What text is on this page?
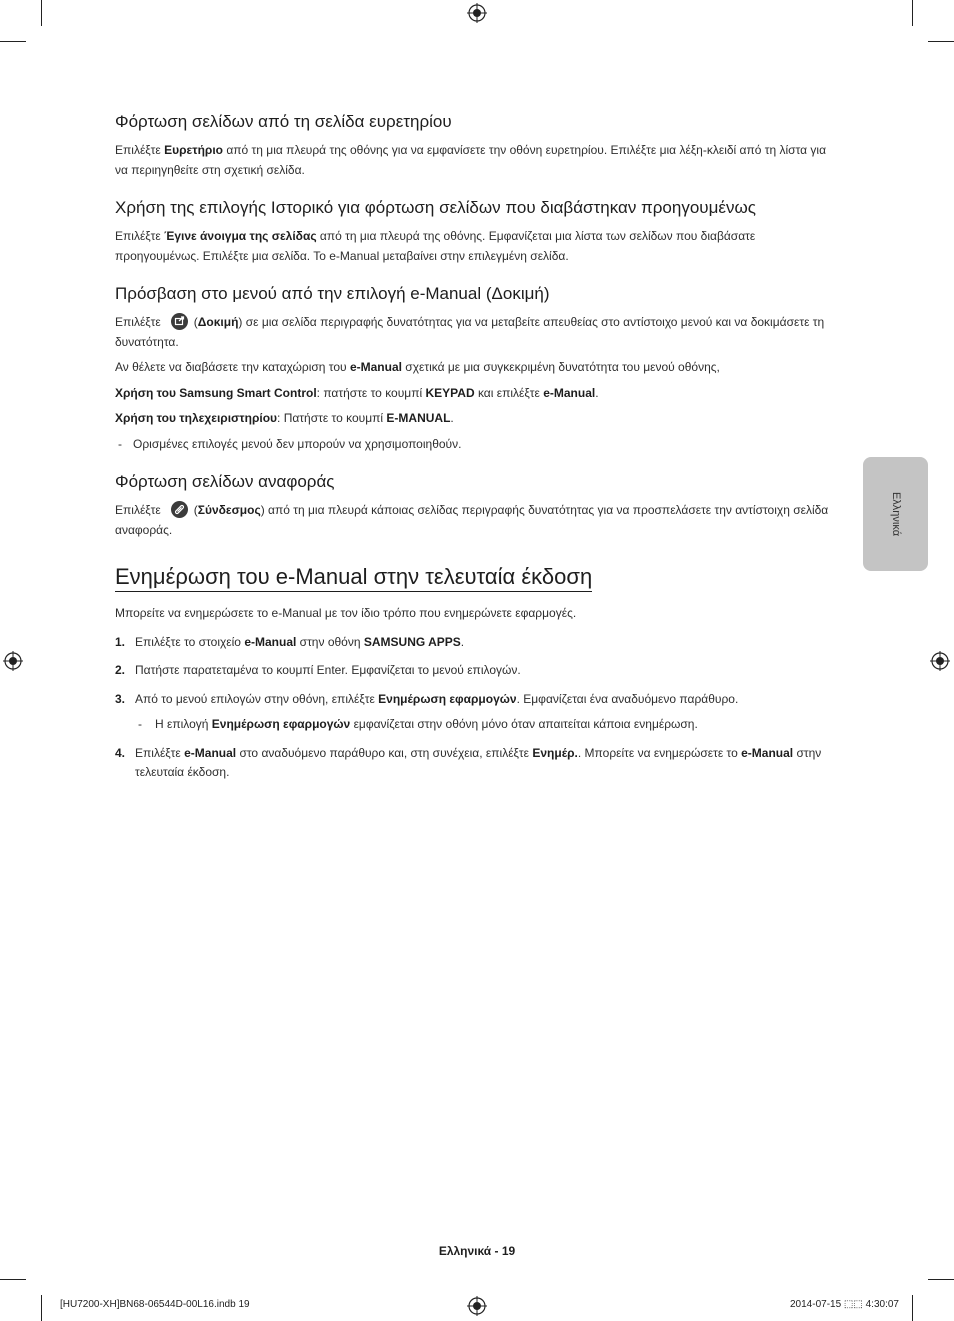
Ελληνικά
Φόρτωση σελίδων από τη σελίδα ευρετηρίου

Επιλέξτε Ευρετήριο από τη μια πλευρά της οθόνης για να εμφανίσετε την οθόνη ευρετηρίου. Επιλέξτε μια λέξη-κλειδί από τη λίστα για να περιηγηθείτε στη σχετική σελίδα.

Χρήση της επιλογής Ιστορικό για φόρτωση σελίδων που διαβάστηκαν προηγουμένως

Επιλέξτε Έγινε άνοιγμα της σελίδας από τη μια πλευρά της οθόνης. Εμφανίζεται μια λίστα των σελίδων που διαβάσατε προηγουμένως. Επιλέξτε μια σελίδα. Το e-Manual μεταβαίνει στην επιλεγμένη σελίδα.

Πρόσβαση στο μενού από την επιλογή e-Manual (Δοκιμή)

Επιλέξτε	(Δοκιμή) σε μια σελίδα περιγραφής δυνατότητας για να μεταβείτε απευθείας στο αντίστοιχο μενού και να δοκιμάσετε τη δυνατότητα.

Αν θέλετε να διαβάσετε την καταχώριση του e-Manual σχετικά με μια συγκεκριμένη δυνατότητα του μενού οθόνης,

Χρήση του Samsung Smart Control: πατήστε το κουμπί KEYPAD και επιλέξτε e-Manual.

Χρήση του τηλεχειριστηρίου: Πατήστε το κουμπί E-MANUAL.

- Ορισμένες επιλογές μενού δεν μπορούν να χρησιμοποιηθούν.

Φόρτωση σελίδων αναφοράς

Επιλέξτε	(Σύνδεσμος) από τη μια πλευρά κάποιας σελίδας περιγραφής δυνατότητας για να προσπελάσετε την αντίστοιχη σελίδα αναφοράς.

Ενημέρωση του e-Manual στην τελευταία έκδοση

Μπορείτε να ενημερώσετε το e-Manual με τον ίδιο τρόπο που ενημερώνετε εφαρμογές.

1. Επιλέξτε το στοιχείο e-Manual στην οθόνη SAMSUNG APPS.
2. Πατήστε παρατεταμένα το κουμπί Enter. Εμφανίζεται το μενού επιλογών.
3. Από το μενού επιλογών στην οθόνη, επιλέξτε Ενημέρωση εφαρμογών. Εμφανίζεται ένα αναδυόμενο παράθυρο.
- Η επιλογή Ενημέρωση εφαρμογών εμφανίζεται στην οθόνη μόνο όταν απαιτείται κάποια ενημέρωση.
4. Επιλέξτε e-Manual στο αναδυόμενο παράθυρο και, στη συνέχεια, επιλέξτε Ενημέρ.. Μπορείτε να ενημερώσετε το e-Manual στην τελευταία έκδοση.
Ελληνικά - 19
[HU7200-XH]BN68-06544D-00L16.indb 19	2014-07-15 ⬚⬚ 4:30:07
